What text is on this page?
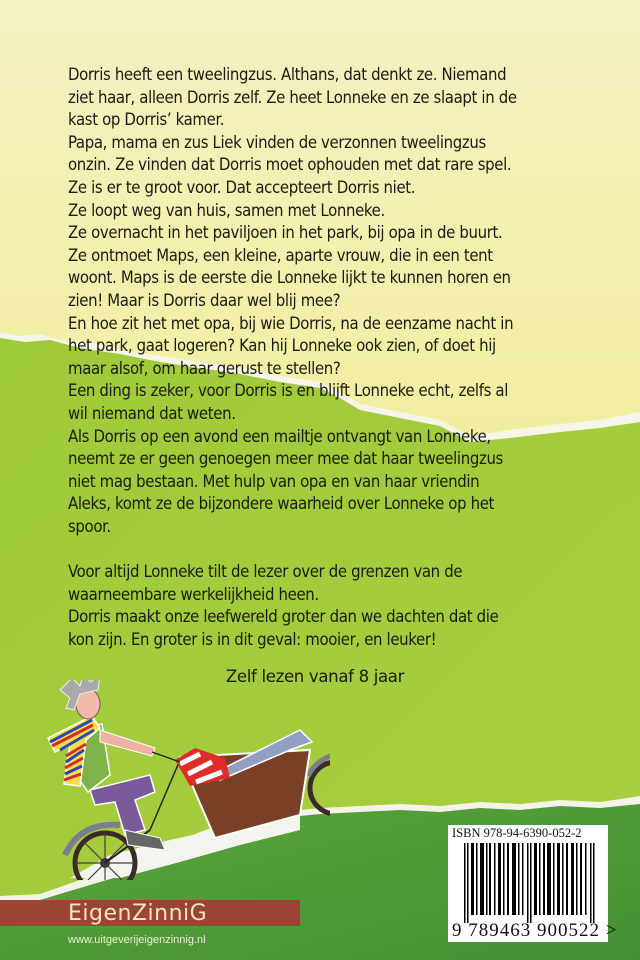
Dorris heeft een tweelingzus. Althans, dat denkt ze. Niemand

ziet haar, alleen Dorris zelf. Ze heet Lonneke en ze slaapt in de

kast op Dorris’ kamer.

Papa, mama en zus Liek vinden de verzonnen tweelingzus

onzin. Ze vinden dat Dorris moet ophouden met dat rare spel.

Ze is er te groot voor. Dat accepteert Dorris niet.

Ze loopt weg van huis, samen met Lonneke.

Ze overnacht in het paviljoen in het park, bij opa in de buurt.

Ze ontmoet Maps, een kleine, aparte vrouw, die in een tent

woont. Maps is de eerste die Lonneke lijkt te kunnen horen en

zien! Maar is Dorris daar wel blij mee?

En hoe zit het met opa, bij wie Dorris, na de eenzame nacht in

het park, gaat logeren? Kan hij Lonneke ook zien, of doet hij

maar alsof, om haar gerust te stellen?

Een ding is zeker, voor Dorris is en blijft Lonneke echt, zelfs al

wil niemand dat weten.

Als Dorris op een avond een mailtje ontvangt van Lonneke,

neemt ze er geen genoegen meer mee dat haar tweelingzus

niet mag bestaan. Met hulp van opa en van haar vriendin

Aleks, komt ze de bijzondere waarheid over Lonneke op het

spoor.

Voor altijd Lonneke tilt de lezer over de grenzen van de

waarneembare werkelijkheid heen.

Dorris maakt onze leefwereld groter dan we dachten dat die

kon zijn. En groter is in dit geval: mooier, en leuker!

Zelf lezen vanaf 8 jaar
EigenZinniG
www.uitgeverijeigenzinnig.nl
ISBN 978-94-6390-052-2
9 789463 900522 >
